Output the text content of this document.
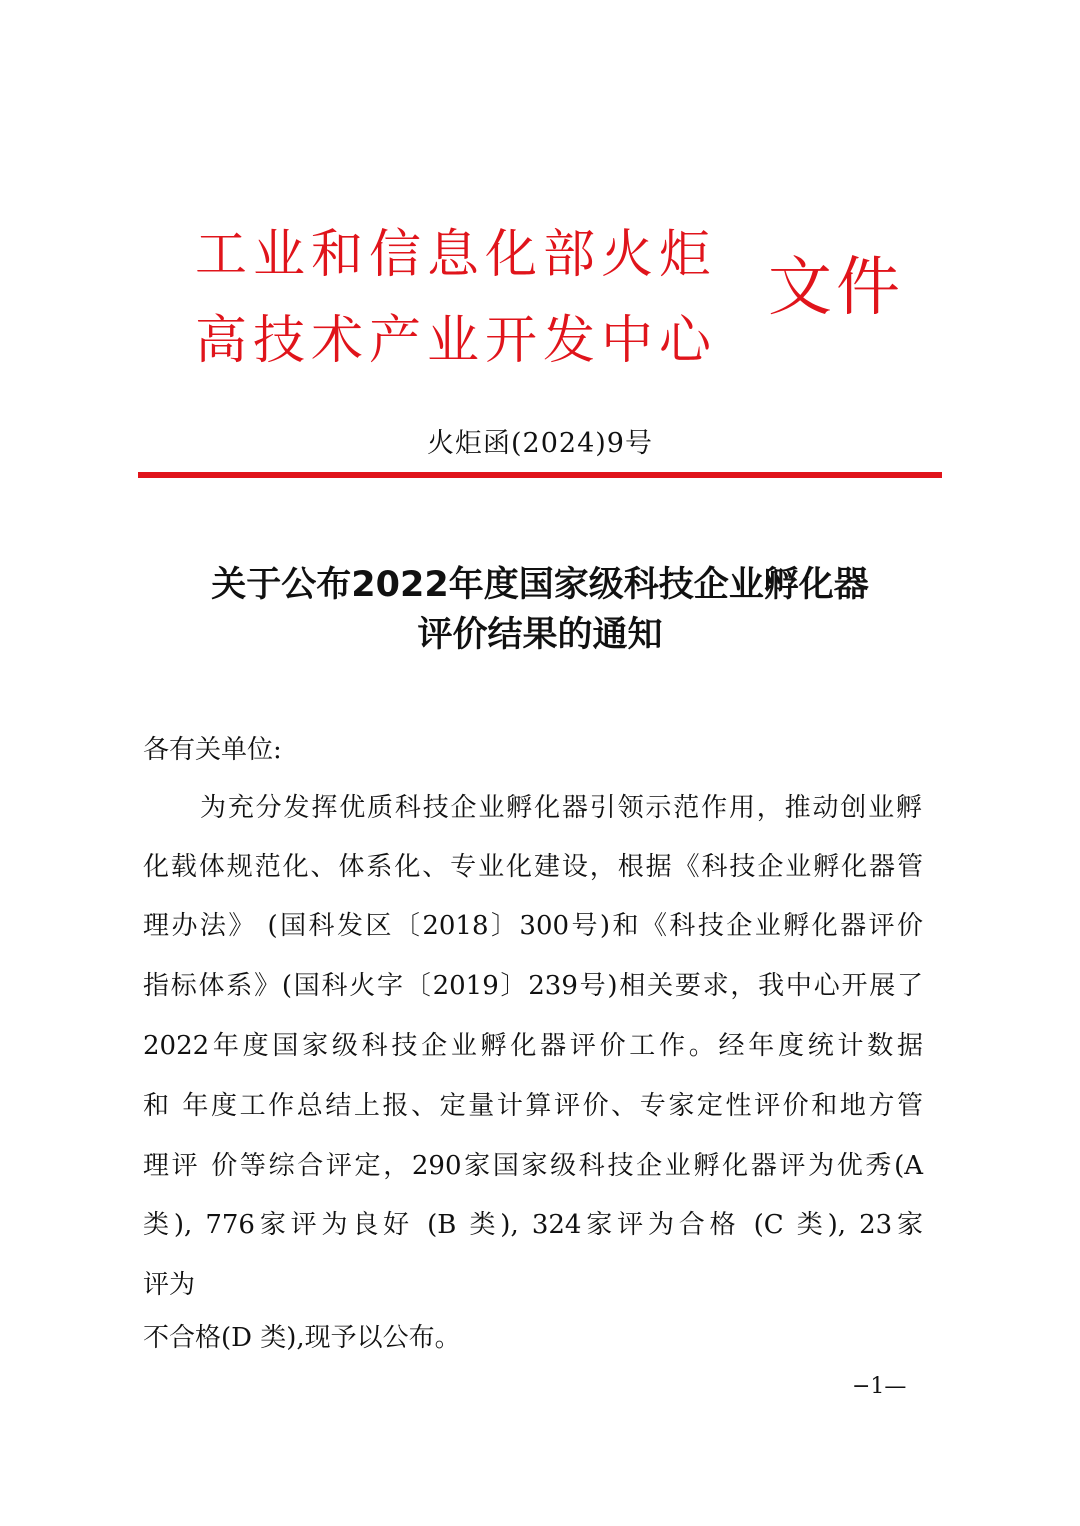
工业和信息化部火炬
高技术产业开发中心
文件
火炬函(2024)9号
关于公布2022年度国家级科技企业孵化器
评价结果的通知
各有关单位:
为充分发挥优质科技企业孵化器引领示范作用，推动创业孵
化载体规范化、体系化、专业化建设，根据《科技企业孵化器管
理办法》 (国科发区〔2018〕300号)和《科技企业孵化器评价
指标体系》(国科火字〔2019〕239号)相关要求，我中心开展了
2022年度国家级科技企业孵化器评价工作。经年度统计数据
和 年度工作总结上报、定量计算评价、专家定性评价和地方管
理评 价等综合评定，290家国家级科技企业孵化器评为优秀(A
类), 776家评为良好 (B 类), 324家评为合格 (C 类), 23家
评为
不合格(D 类),现予以公布。
−1—
